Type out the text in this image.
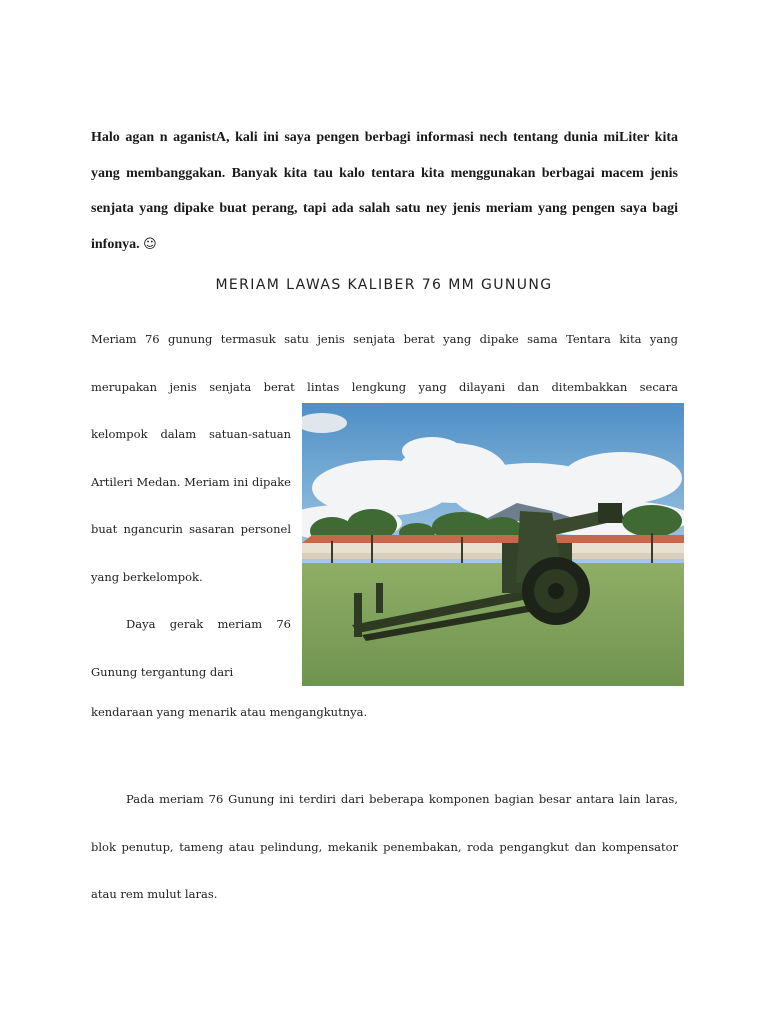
Halo agan n aganistA, kali ini saya pengen berbagi informasi nech tentang dunia miLiter kita yang membanggakan. Banyak kita tau kalo tentara kita menggunakan berbagai macem jenis senjata yang dipake buat perang, tapi ada salah satu ney jenis meriam yang pengen saya bagi infonya. ☺

MERIAM LAWAS KALIBER 76 MM GUNUNG

Meriam 76 gunung termasuk satu jenis senjata berat yang dipake sama Tentara kita yang merupakan jenis senjata berat lintas lengkung yang dilayani dan ditembakkan secara

kelompok dalam satuan-satuan Artileri Medan. Meriam ini dipake buat ngancurin sasaran personel yang berkelompok.
Daya gerak meriam 76 Gunung tergantung dari

kendaraan yang menarik atau mengangkutnya.

Pada meriam 76 Gunung ini terdiri dari beberapa komponen bagian besar antara lain laras, blok penutup, tameng atau pelindung, mekanik penembakan, roda pengangkut dan kompensator atau rem mulut laras.
